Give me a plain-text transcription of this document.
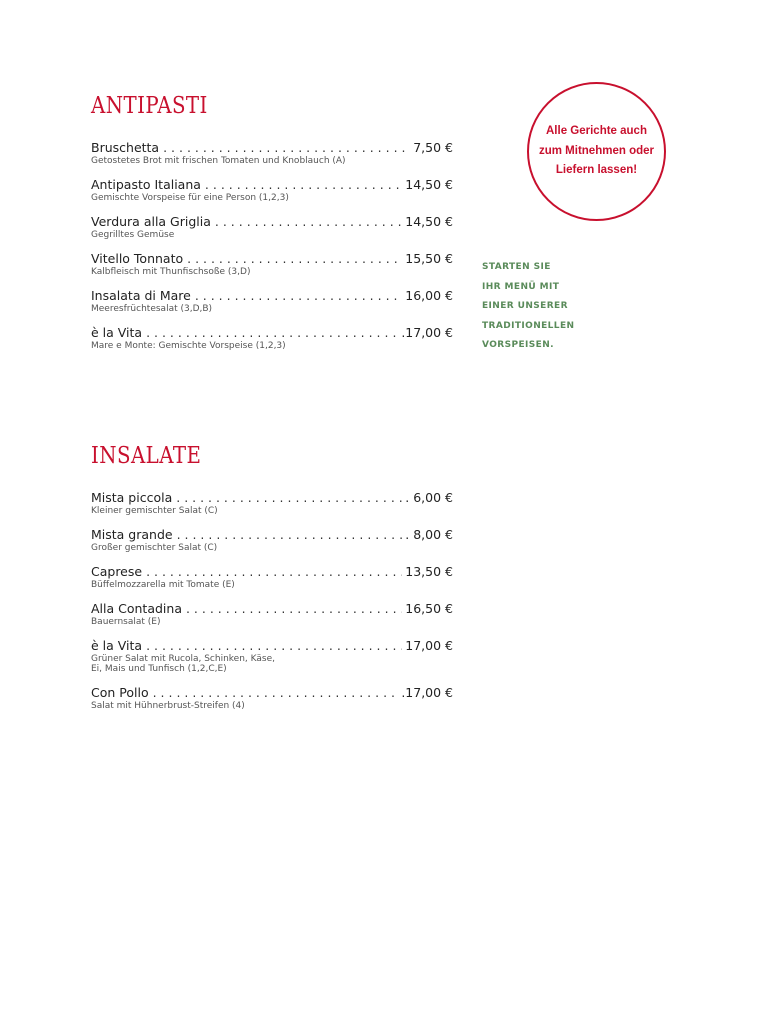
ANTIPASTI
Bruschetta . . .	7,50 €
Getostetes Brot mit frischen Tomaten und Knoblauch (A)
Antipasto Italiana . . .	14,50 €
Gemischte Vorspeise für eine Person (1,2,3)
Verdura alla Griglia . . .	14,50 €
Gegrilltes Gemüse
Vitello Tonnato . . .	15,50 €
Kalbfleisch mit Thunfischsoße (3,D)
Insalata di Mare . . .	16,00 €
Meeresfrüchtesalat (3,D,B)
è la Vita . . .	.17,00 €
Mare e Monte: Gemischte Vorspeise (1,2,3)
INSALATE
Mista piccola . . .	. 6,00 €
Kleiner gemischter Salat (C)
Mista grande . . .	. 8,00 €
Großer gemischter Salat (C)
Caprese . . .	13,50 €
Büffelmozzarella mit Tomate (E)
Alla Contadina . . .	16,50 €
Bauernsalat (E)
è la Vita . . .	17,00 €
Grüner Salat mit Rucola, Schinken, Käse,
Ei, Mais und Tunfisch (1,2,C,E)
Con Pollo . . .	.17,00 €
Salat mit Hühnerbrust-Streifen (4)
Alle Gerichte auch
zum Mitnehmen oder
Liefern lassen!
STARTEN SIE
IHR MENÜ MIT
EINER UNSERER
TRADITIONELLEN
VORSPEISEN.
